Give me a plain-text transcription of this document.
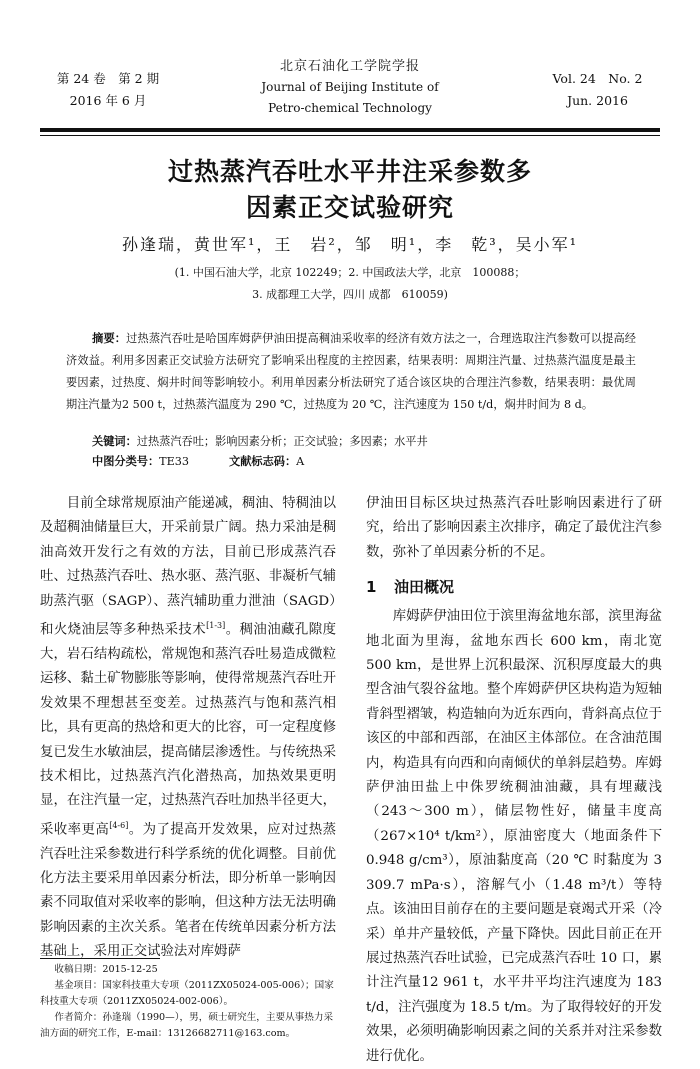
第 24 卷　第 2 期
2016 年 6 月
北京石油化工学院学报
Journal of Beijing Institute of
Petro-chemical Technology
Vol. 24　No. 2
Jun. 2016
过热蒸汽吞吐水平井注采参数多
因素正交试验研究
孙逢瑞，黄世军¹，王　岩²，邹　明¹，李　乾³，吴小军¹
(1. 中国石油大学，北京 102249；2. 中国政法大学，北京　100088；
3. 成都理工大学，四川 成都　610059)
摘要：过热蒸汽吞吐是哈国库姆萨伊油田提高稠油采收率的经济有效方法之一，合理选取注汽参数可以提高经济效益。利用多因素正交试验方法研究了影响采出程度的主控因素，结果表明：周期注汽量、过热蒸汽温度是最主要因素，过热度、焖井时间等影响较小。利用单因素分析法研究了适合该区块的合理注汽参数，结果表明：最优周期注汽量为2 500 t，过热蒸汽温度为 290 ℃，过热度为 20 ℃，注汽速度为 150 t/d，焖井时间为 8 d。
关键词：过热蒸汽吞吐；影响因素分析；正交试验；多因素；水平井
中图分类号：TE33	文献标志码：A

目前全球常规原油产能递减，稠油、特稠油以及超稠油储量巨大，开采前景广阔。热力采油是稠油高效开发行之有效的方法，目前已形成蒸汽吞吐、过热蒸汽吞吐、热水驱、蒸汽驱、非凝析气辅助蒸汽驱（SAGP）、蒸汽辅助重力泄油（SAGD）和火烧油层等多种热采技术[1-3]。稠油油藏孔隙度大，岩石结构疏松，常规饱和蒸汽吞吐易造成微粒运移、黏土矿物膨胀等影响，使得常规蒸汽吞吐开发效果不理想甚至变差。过热蒸汽与饱和蒸汽相比，具有更高的热焓和更大的比容，可一定程度修复已发生水敏油层，提高储层渗透性。与传统热采技术相比，过热蒸汽汽化潜热高，加热效果更明显，在注汽量一定，过热蒸汽吞吐加热半径更大，采收率更高[4-6]。为了提高开发效果，应对过热蒸汽吞吐注采参数进行科学系统的优化调整。目前优化方法主要采用单因素分析法，即分析单一影响因素不同取值对采收率的影响，但这种方法无法明确影响因素的主次关系。笔者在传统单因素分析方法基础上，采用正交试验法对库姆萨

伊油田目标区块过热蒸汽吞吐影响因素进行了研究，给出了影响因素主次排序，确定了最优注汽参数，弥补了单因素分析的不足。

1 油田概况

库姆萨伊油田位于滨里海盆地东部，滨里海盆地北面为里海，盆地东西长 600 km，南北宽 500 km，是世界上沉积最深、沉积厚度最大的典型含油气裂谷盆地。整个库姆萨伊区块构造为短轴背斜型褶皱，构造轴向为近东西向，背斜高点位于该区的中部和西部，在油区主体部位。在含油范围内，构造具有向西和向南倾伏的单斜层趋势。库姆萨伊油田盐上中侏罗统稠油油藏，具有埋藏浅（243～300 m），储层物性好，储量丰度高（267×10⁴ t/km²），原油密度大（地面条件下 0.948 g/cm³），原油黏度高（20 ℃ 时黏度为 3 309.7 mPa·s），溶解气小（1.48 m³/t）等特点。该油田目前存在的主要问题是衰竭式开采（冷采）单井产量较低，产量下降快。因此目前正在开展过热蒸汽吞吐试验，已完成蒸汽吞吐 10 口，累计注汽量12 961 t，水平井平均注汽速度为 183 t/d，注汽强度为 18.5 t/m。为了取得较好的开发效果，必须明确影响因素之间的关系并对注采参数进行优化。

收稿日期：2015-12-25
基金项目：国家科技重大专项（2011ZX05024-005-006）；国家科技重大专项（2011ZX05024-002-006）。
作者简介：孙逢瑞（1990—），男，硕士研究生，主要从事热力采油方面的研究工作，E-mail：13126682711@163.com。
